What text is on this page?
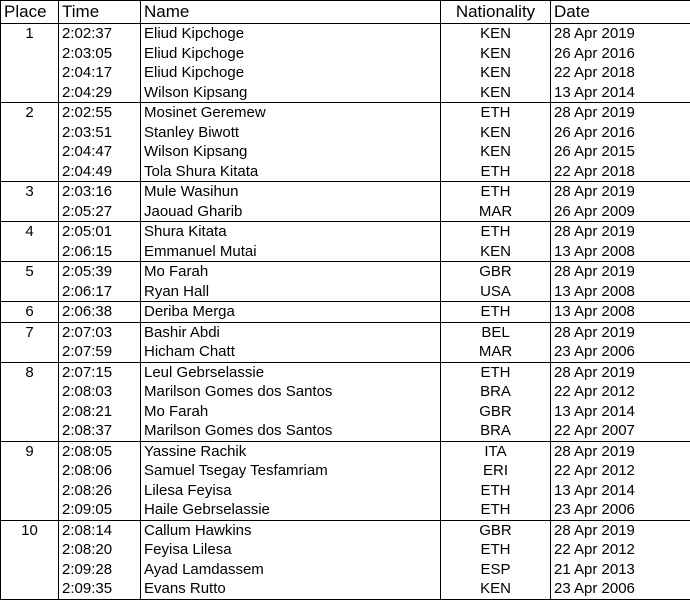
Place	Time	Name	Nationality	Date
1	2:02:37	Eliud Kipchoge	KEN	28 Apr 2019
	2:03:05	Eliud Kipchoge	KEN	26 Apr 2016
	2:04:17	Eliud Kipchoge	KEN	22 Apr 2018
	2:04:29	Wilson Kipsang	KEN	13 Apr 2014
2	2:02:55	Mosinet Geremew	ETH	28 Apr 2019
	2:03:51	Stanley Biwott	KEN	26 Apr 2016
	2:04:47	Wilson Kipsang	KEN	26 Apr 2015
	2:04:49	Tola Shura Kitata	ETH	22 Apr 2018
3	2:03:16	Mule Wasihun	ETH	28 Apr 2019
	2:05:27	Jaouad Gharib	MAR	26 Apr 2009
4	2:05:01	Shura Kitata	ETH	28 Apr 2019
	2:06:15	Emmanuel Mutai	KEN	13 Apr 2008
5	2:05:39	Mo Farah	GBR	28 Apr 2019
	2:06:17	Ryan Hall	USA	13 Apr 2008
6	2:06:38	Deriba Merga	ETH	13 Apr 2008
7	2:07:03	Bashir Abdi	BEL	28 Apr 2019
	2:07:59	Hicham Chatt	MAR	23 Apr 2006
8	2:07:15	Leul Gebrselassie	ETH	28 Apr 2019
	2:08:03	Marilson Gomes dos Santos	BRA	22 Apr 2012
	2:08:21	Mo Farah	GBR	13 Apr 2014
	2:08:37	Marilson Gomes dos Santos	BRA	22 Apr 2007
9	2:08:05	Yassine Rachik	ITA	28 Apr 2019
	2:08:06	Samuel Tsegay Tesfamriam	ERI	22 Apr 2012
	2:08:26	Lilesa Feyisa	ETH	13 Apr 2014
	2:09:05	Haile Gebrselassie	ETH	23 Apr 2006
10	2:08:14	Callum Hawkins	GBR	28 Apr 2019
	2:08:20	Feyisa Lilesa	ETH	22 Apr 2012
	2:09:28	Ayad Lamdassem	ESP	21 Apr 2013
	2:09:35	Evans Rutto	KEN	23 Apr 2006
